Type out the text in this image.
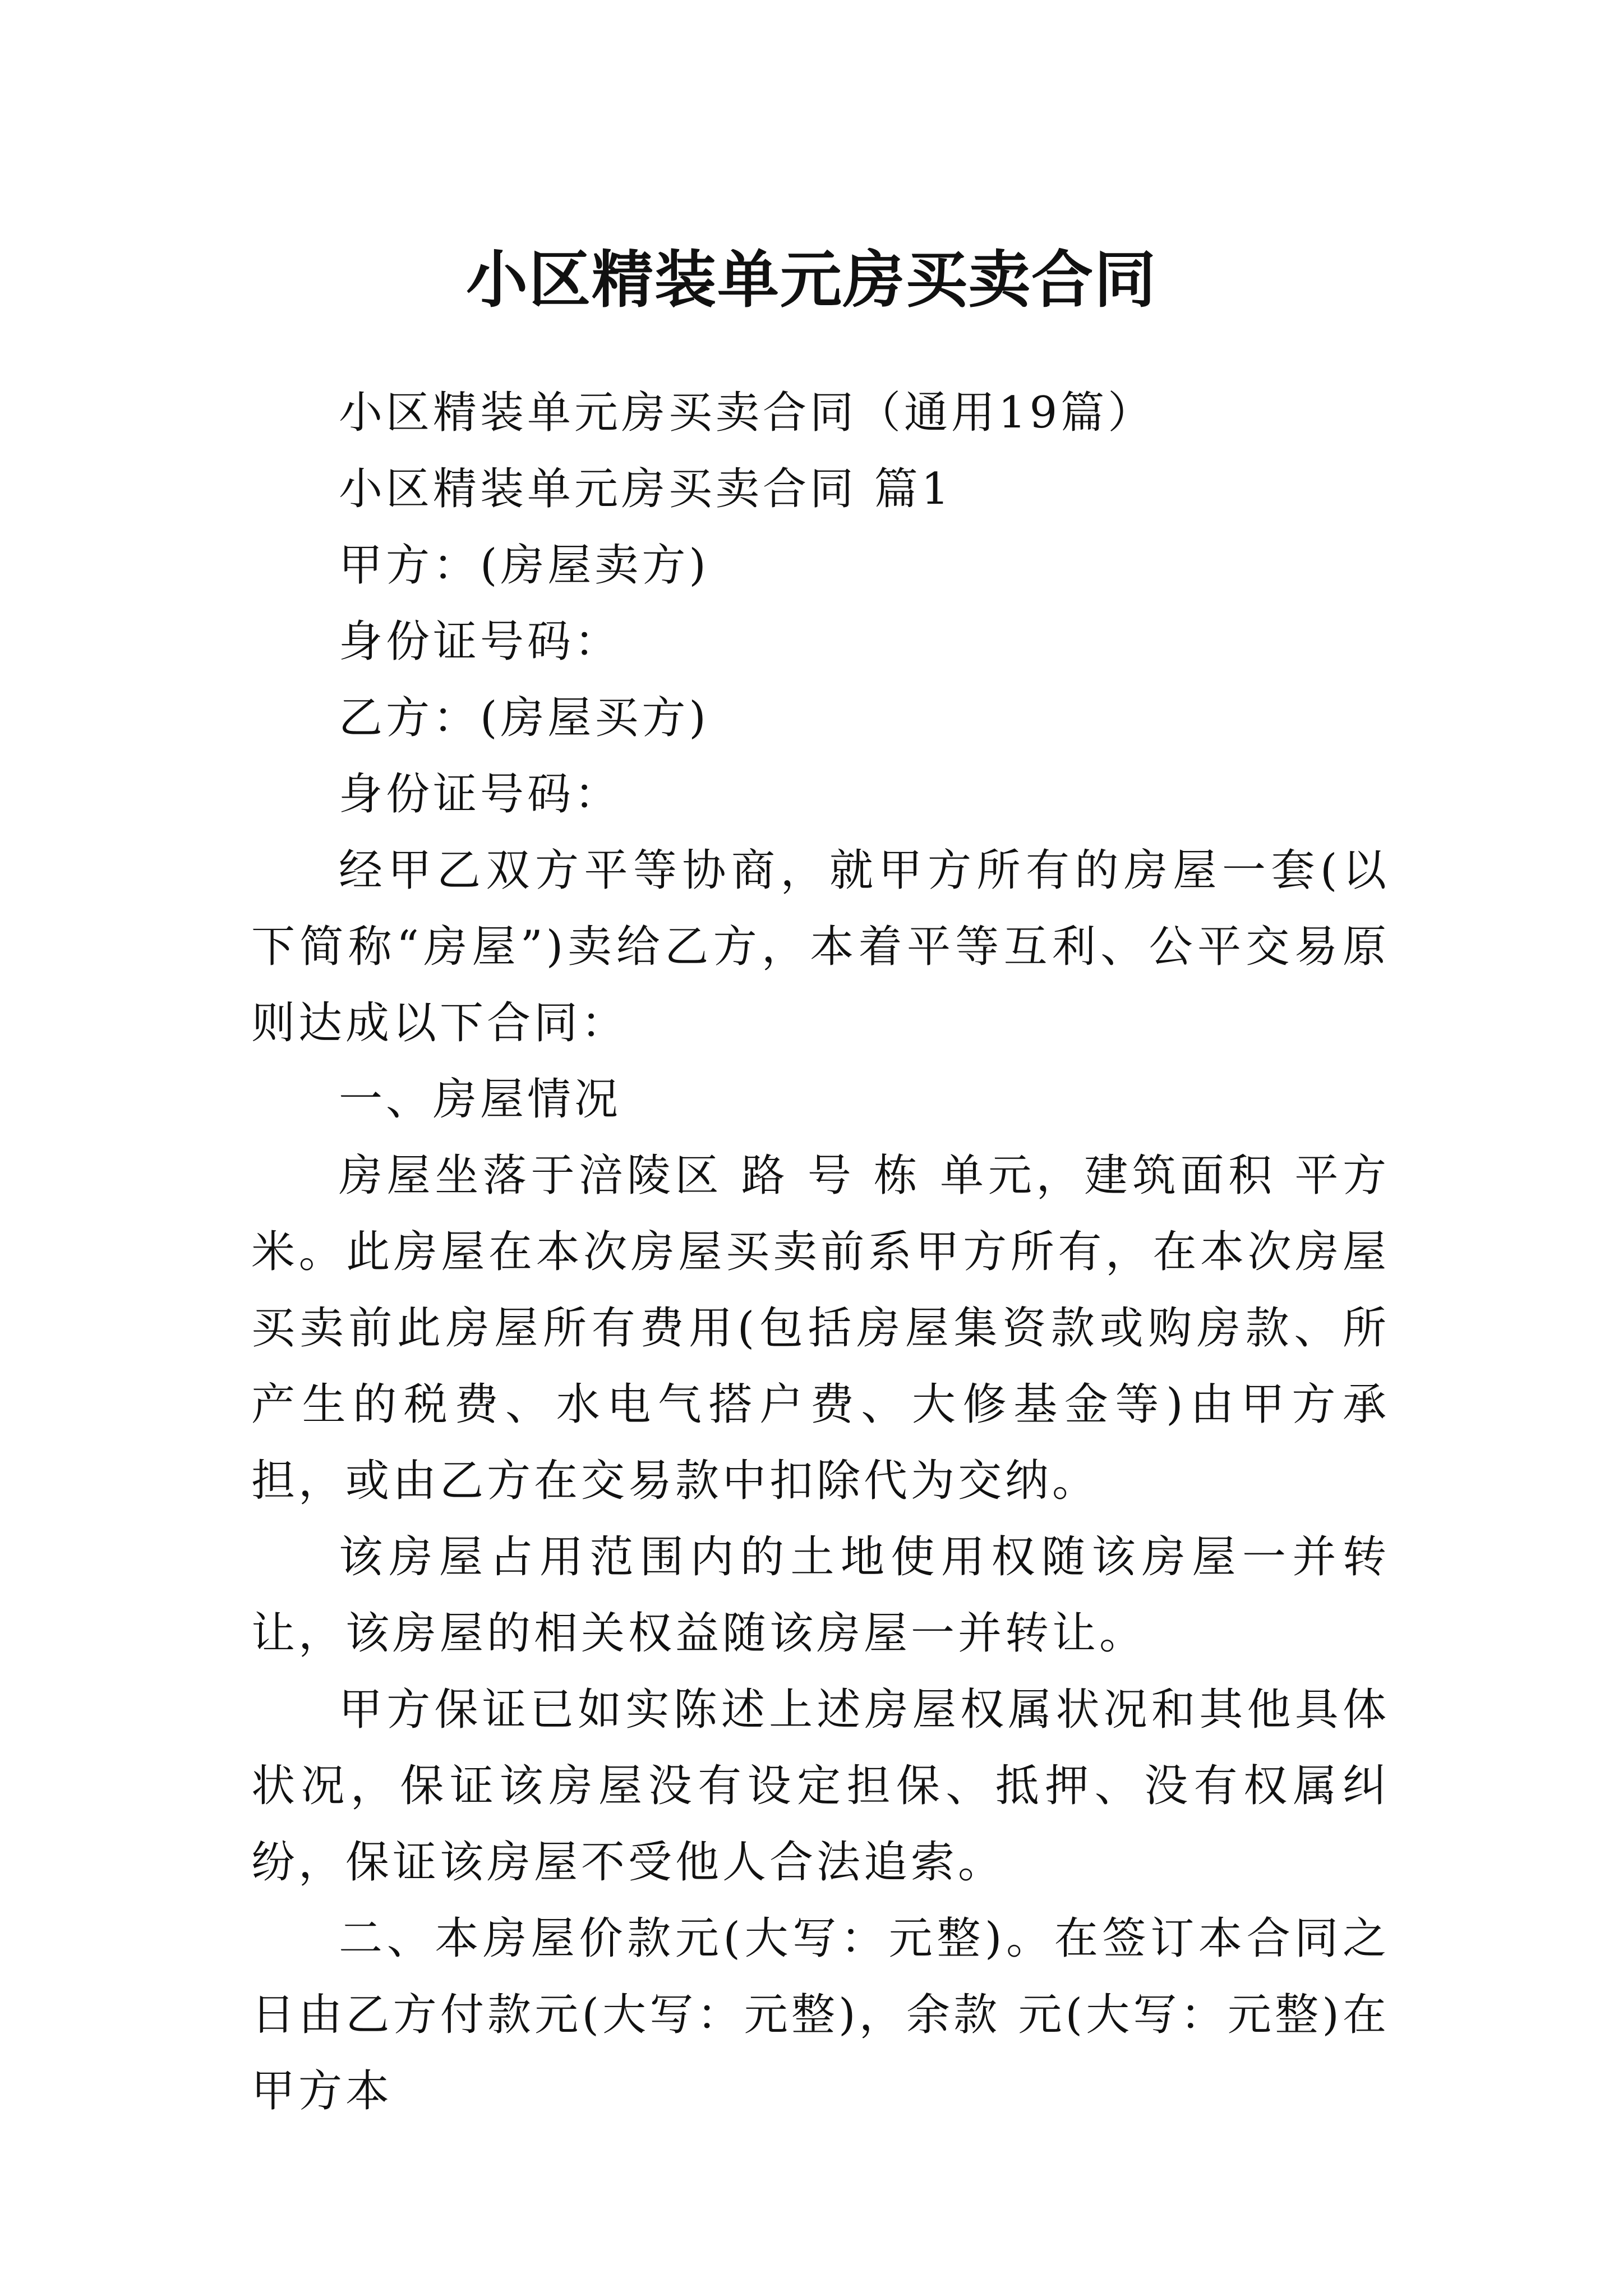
小区精装单元房买卖合同

小区精装单元房买卖合同（通用19篇）

小区精装单元房买卖合同 篇1

甲方：(房屋卖方)

身份证号码：

乙方：(房屋买方)

身份证号码：

经甲乙双方平等协商，就甲方所有的房屋一套(以下简称“房屋”)卖给乙方，本着平等互利、公平交易原则达成以下合同：

一、房屋情况

房屋坐落于涪陵区 路 号 栋 单元，建筑面积 平方米。此房屋在本次房屋买卖前系甲方所有，在本次房屋买卖前此房屋所有费用(包括房屋集资款或购房款、所产生的税费、水电气搭户费、大修基金等)由甲方承担，或由乙方在交易款中扣除代为交纳。

该房屋占用范围内的土地使用权随该房屋一并转让，该房屋的相关权益随该房屋一并转让。

甲方保证已如实陈述上述房屋权属状况和其他具体状况，保证该房屋没有设定担保、抵押、没有权属纠纷，保证该房屋不受他人合法追索。

二、本房屋价款元(大写：元整)。在签订本合同之日由乙方付款元(大写：元整)，余款 元(大写：元整)在甲方本
